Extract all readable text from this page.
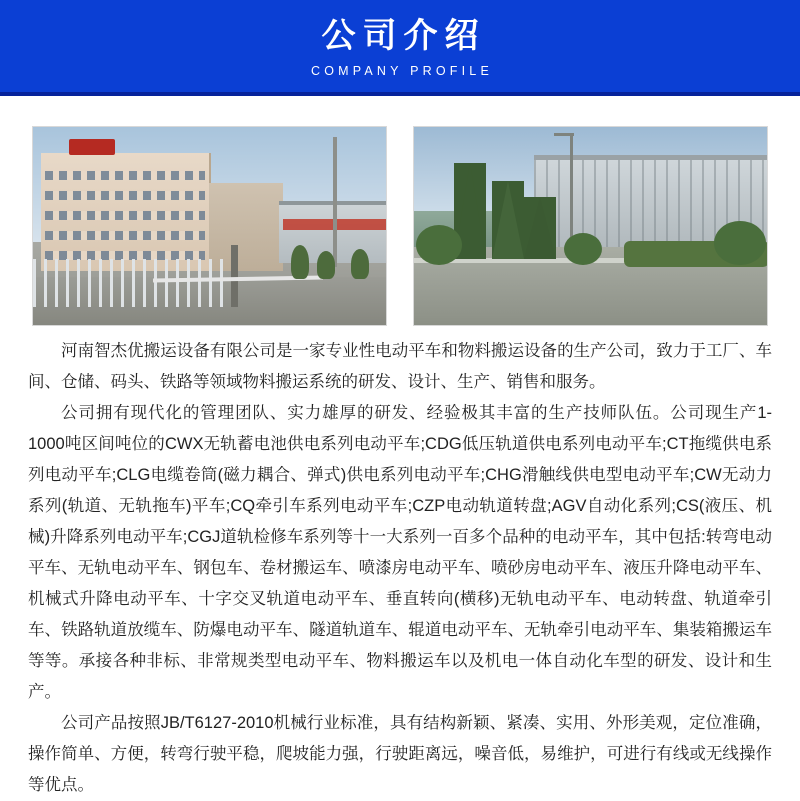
公司介绍
COMPANY PROFILE

河南智杰优搬运设备有限公司是一家专业性电动平车和物料搬运设备的生产公司，致力于工厂、车间、仓储、码头、铁路等领域物料搬运系统的研发、设计、生产、销售和服务。

公司拥有现代化的管理团队、实力雄厚的研发、经验极其丰富的生产技师队伍。公司现生产1-1000吨区间吨位的CWX无轨蓄电池供电系列电动平车;CDG低压轨道供电系列电动平车;CT拖缆供电系列电动平车;CLG电缆卷筒(磁力耦合、弹式)供电系列电动平车;CHG滑触线供电型电动平车;CW无动力系列(轨道、无轨拖车)平车;CQ牵引车系列电动平车;CZP电动轨道转盘;AGV自动化系列;CS(液压、机械)升降系列电动平车;CGJ道轨检修车系列等十一大系列一百多个品种的电动平车，其中包括:转弯电动平车、无轨电动平车、钢包车、卷材搬运车、喷漆房电动平车、喷砂房电动平车、液压升降电动平车、机械式升降电动平车、十字交叉轨道电动平车、垂直转向(横移)无轨电动平车、电动转盘、轨道牵引车、铁路轨道放缆车、防爆电动平车、隧道轨道车、辊道电动平车、无轨牵引电动平车、集装箱搬运车等等。承接各种非标、非常规类型电动平车、物料搬运车以及机电一体自动化车型的研发、设计和生产。

公司产品按照JB/T6127-2010机械行业标准，具有结构新颖、紧凑、实用、外形美观，定位准确，操作简单、方便，转弯行驶平稳，爬坡能力强，行驶距离远，噪音低，易维护，可进行有线或无线操作等优点。
